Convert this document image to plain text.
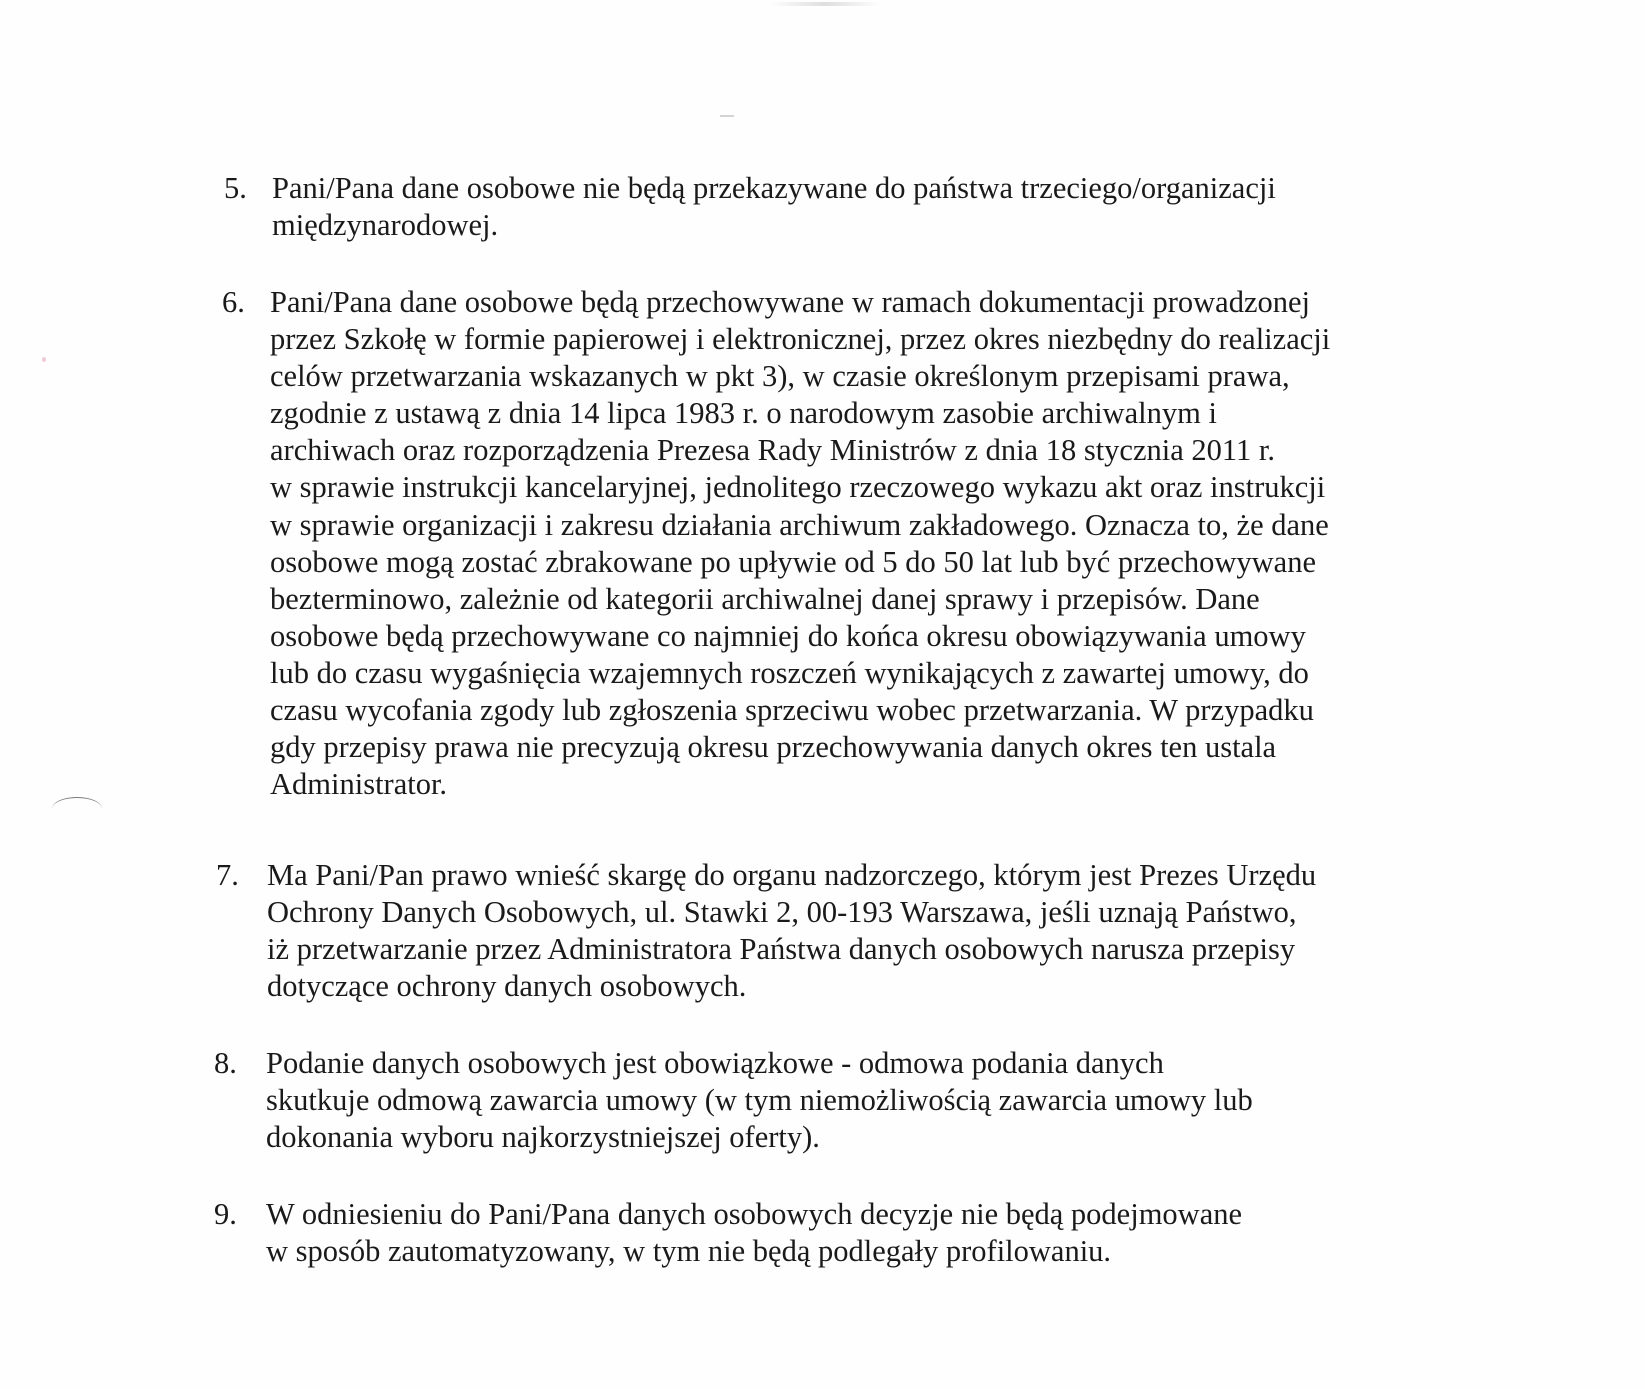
5. Pani/Pana dane osobowe nie będą przekazywane do państwa trzeciego/organizacji
międzynarodowej.
6. Pani/Pana dane osobowe będą przechowywane w ramach dokumentacji prowadzonej
przez Szkołę w formie papierowej i elektronicznej, przez okres niezbędny do realizacji
celów przetwarzania wskazanych w pkt 3), w czasie określonym przepisami prawa,
zgodnie z ustawą z dnia 14 lipca 1983 r. o narodowym zasobie archiwalnym i
archiwach oraz rozporządzenia Prezesa Rady Ministrów z dnia 18 stycznia 2011 r.
w sprawie instrukcji kancelaryjnej, jednolitego rzeczowego wykazu akt oraz instrukcji
w sprawie organizacji i zakresu działania archiwum zakładowego. Oznacza to, że dane
osobowe mogą zostać zbrakowane po upływie od 5 do 50 lat lub być przechowywane
bezterminowo, zależnie od kategorii archiwalnej danej sprawy i przepisów. Dane
osobowe będą przechowywane co najmniej do końca okresu obowiązywania umowy
lub do czasu wygaśnięcia wzajemnych roszczeń wynikających z zawartej umowy, do
czasu wycofania zgody lub zgłoszenia sprzeciwu wobec przetwarzania. W przypadku
gdy przepisy prawa nie precyzują okresu przechowywania danych okres ten ustala
Administrator.
7. Ma Pani/Pan prawo wnieść skargę do organu nadzorczego, którym jest Prezes Urzędu
Ochrony Danych Osobowych, ul. Stawki 2, 00-193 Warszawa, jeśli uznają Państwo,
iż przetwarzanie przez Administratora Państwa danych osobowych narusza przepisy
dotyczące ochrony danych osobowych.
8. Podanie danych osobowych jest obowiązkowe - odmowa podania danych
skutkuje odmową zawarcia umowy (w tym niemożliwością zawarcia umowy lub
dokonania wyboru najkorzystniejszej oferty).
9. W odniesieniu do Pani/Pana danych osobowych decyzje nie będą podejmowane
w sposób zautomatyzowany, w tym nie będą podlegały profilowaniu.
